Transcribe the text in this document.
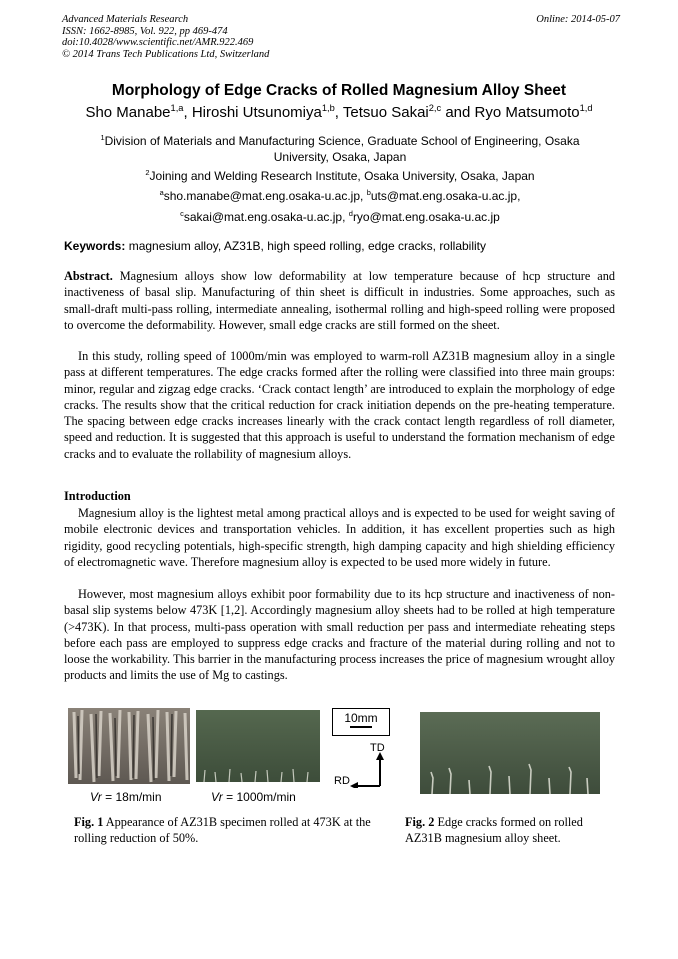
Advanced Materials Research
ISSN: 1662-8985, Vol. 922, pp 469-474
doi:10.4028/www.scientific.net/AMR.922.469
© 2014 Trans Tech Publications Ltd, Switzerland
Online: 2014-05-07
Morphology of Edge Cracks of Rolled Magnesium Alloy Sheet
Sho Manabe$^{1,a}$, Hiroshi Utsunomiya$^{1,b}$, Tetsuo Sakai$^{2,c}$ and Ryo Matsumoto$^{1,d}$
$^1$Division of Materials and Manufacturing Science, Graduate School of Engineering, Osaka
University, Osaka, Japan
$^2$Joining and Welding Research Institute, Osaka University, Osaka, Japan
$^a$sho.manabe@mat.eng.osaka-u.ac.jp, $^b$uts@mat.eng.osaka-u.ac.jp,
$^c$sakai@mat.eng.osaka-u.ac.jp, $^d$ryo@mat.eng.osaka-u.ac.jp
Keywords: magnesium alloy, AZ31B, high speed rolling, edge cracks, rollability
Abstract. Magnesium alloys show low deformability at low temperature because of hcp structure and inactiveness of basal slip. Manufacturing of thin sheet is difficult in industries. Some approaches, such as small-draft multi-pass rolling, intermediate annealing, isothermal rolling and high-speed rolling were proposed to overcome the deformability. However, small edge cracks are still formed on the sheet.
In this study, rolling speed of 1000m/min was employed to warm-roll AZ31B magnesium alloy in a single pass at different temperatures. The edge cracks formed after the rolling were classified into three main groups: minor, regular and zigzag edge cracks. ‘Crack contact length’ are introduced to explain the morphology of edge cracks. The results show that the critical reduction for crack initiation depends on the pre-heating temperature. The spacing between edge cracks increases linearly with the crack contact length regardless of roll diameter, speed and reduction. It is suggested that this approach is useful to understand the formation mechanism of edge cracks and to evaluate the rollability of magnesium alloys.
Introduction
Magnesium alloy is the lightest metal among practical alloys and is expected to be used for weight saving of mobile electronic devices and transportation vehicles. In addition, it has excellent properties such as high rigidity, good recycling potentials, high-specific strength, high damping capacity and high shielding efficiency of electromagnetic wave. Therefore magnesium alloy is expected to be used more widely in future.
However, most magnesium alloys exhibit poor formability due to its hcp structure and inactiveness of non-basal slip systems below 473K [1,2]. Accordingly magnesium alloy sheets had to be rolled at high temperature (>473K). In that process, multi-pass operation with small reduction per pass and intermediate reheating steps before each pass are employed to suppress edge cracks and fracture of the material during rolling and not to loose the workability. This barrier in the manufacturing process increases the price of magnesium wrought alloy products and limits the use of Mg to castings.
10mm
TD
RD
Vr = 18m/min	Vr = 1000m/min
Fig. 1 Appearance of AZ31B specimen rolled at 473K at the rolling reduction of 50%.
Fig. 2 Edge cracks formed on rolled AZ31B magnesium alloy sheet.
